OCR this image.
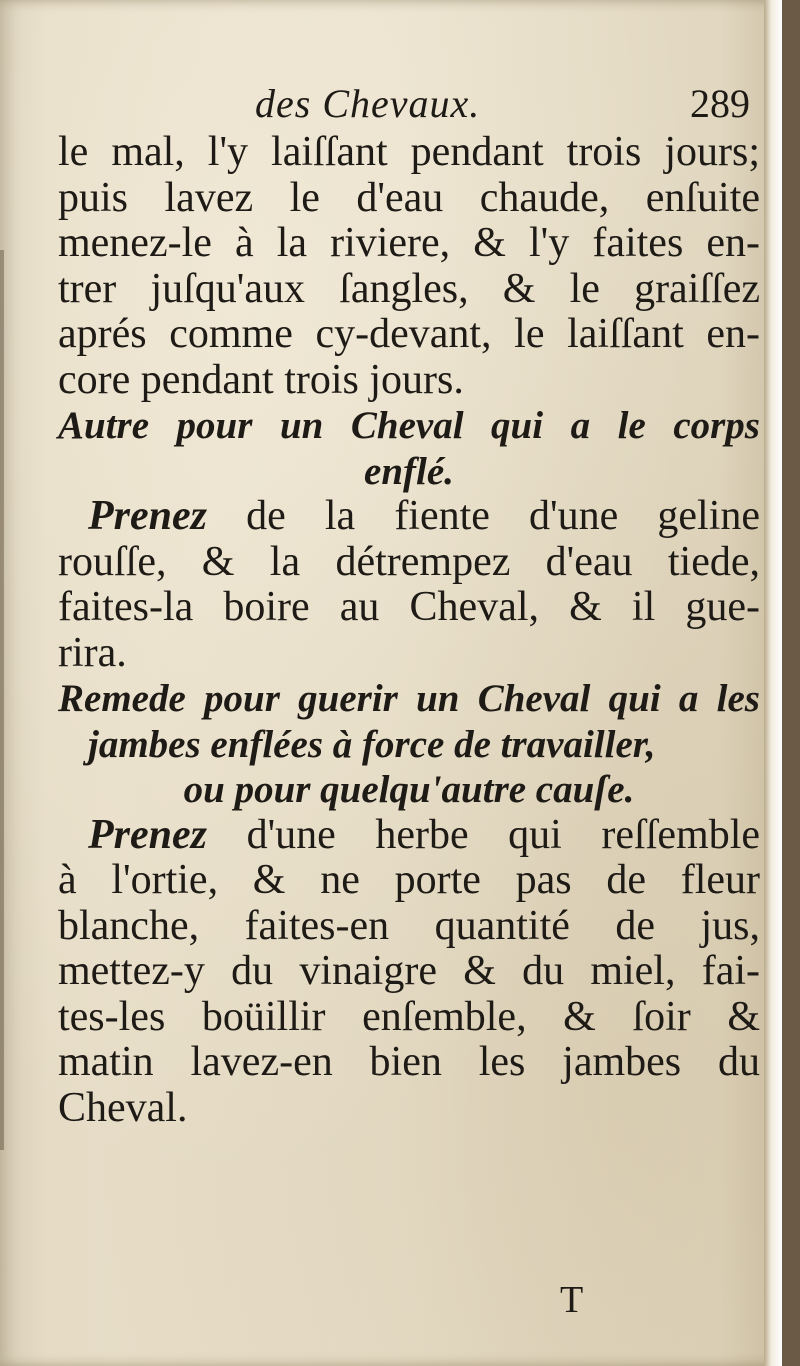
des Chevaux.	289
le mal, l'y laiſſant pendant trois jours;
puis lavez le d'eau chaude, enſuite
menez-le à la riviere, & l'y faites en-
trer juſqu'aux ſangles, & le graiſſez
aprés comme cy-devant, le laiſſant en-
core pendant trois jours.
Autre pour un Cheval qui a le corps
enflé.
Prenez de la fiente d'une geline
rouſſe, & la détrempez d'eau tiede,
faites-la boire au Cheval, & il gue-
rira.
Remede pour guerir un Cheval qui a les
jambes enflées à force de travailler,
ou pour quelqu'autre cauſe.
Prenez d'une herbe qui reſſemble
à l'ortie, & ne porte pas de fleur
blanche, faites-en quantité de jus,
mettez-y du vinaigre & du miel, fai-
tes-les boüillir enſemble, & ſoir &
matin lavez-en bien les jambes du
Cheval.
T
